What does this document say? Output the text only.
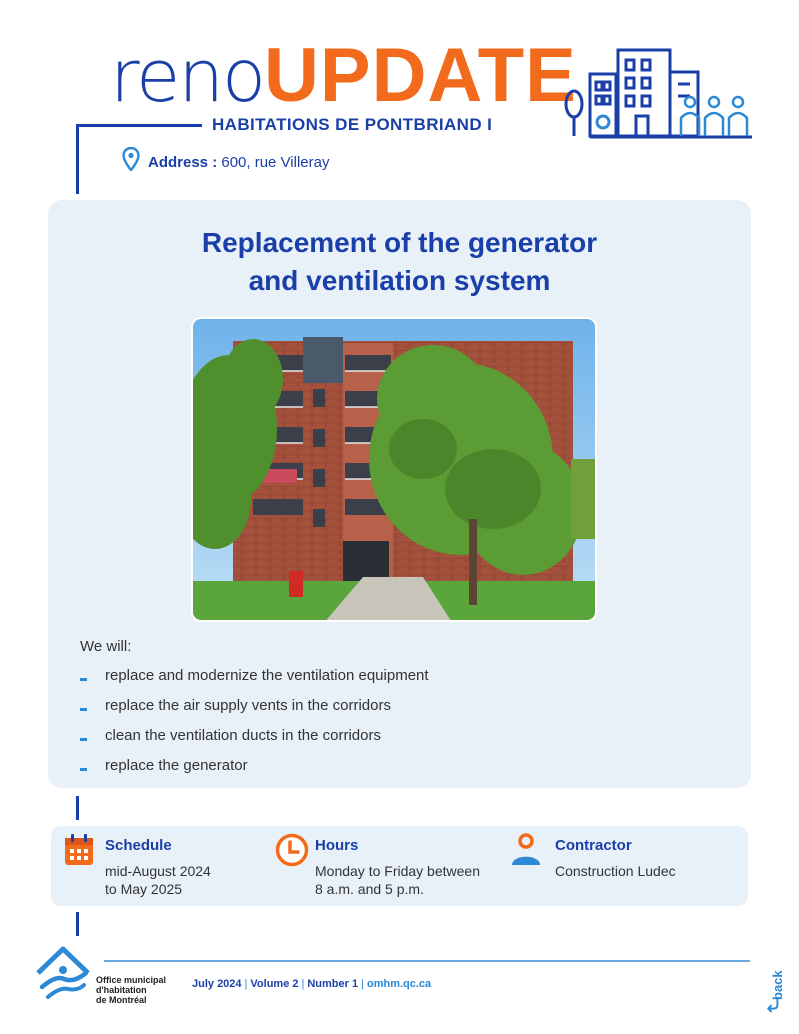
renoUPDATE
HABITATIONS DE PONTBRIAND I
Address : 600, rue Villeray
Replacement of the generator
and ventilation system
We will:
replace and modernize the ventilation equipment
replace the air supply vents in the corridors
clean the ventilation ducts in the corridors
replace the generator
Schedule
mid-August 2024
to May 2025
Hours
Monday to Friday between
8 a.m. and 5 p.m.
Contractor
Construction Ludec
Office municipal
d'habitation
de Montréal
July 2024 | Volume 2 | Number 1 | omhm.qc.ca	back
